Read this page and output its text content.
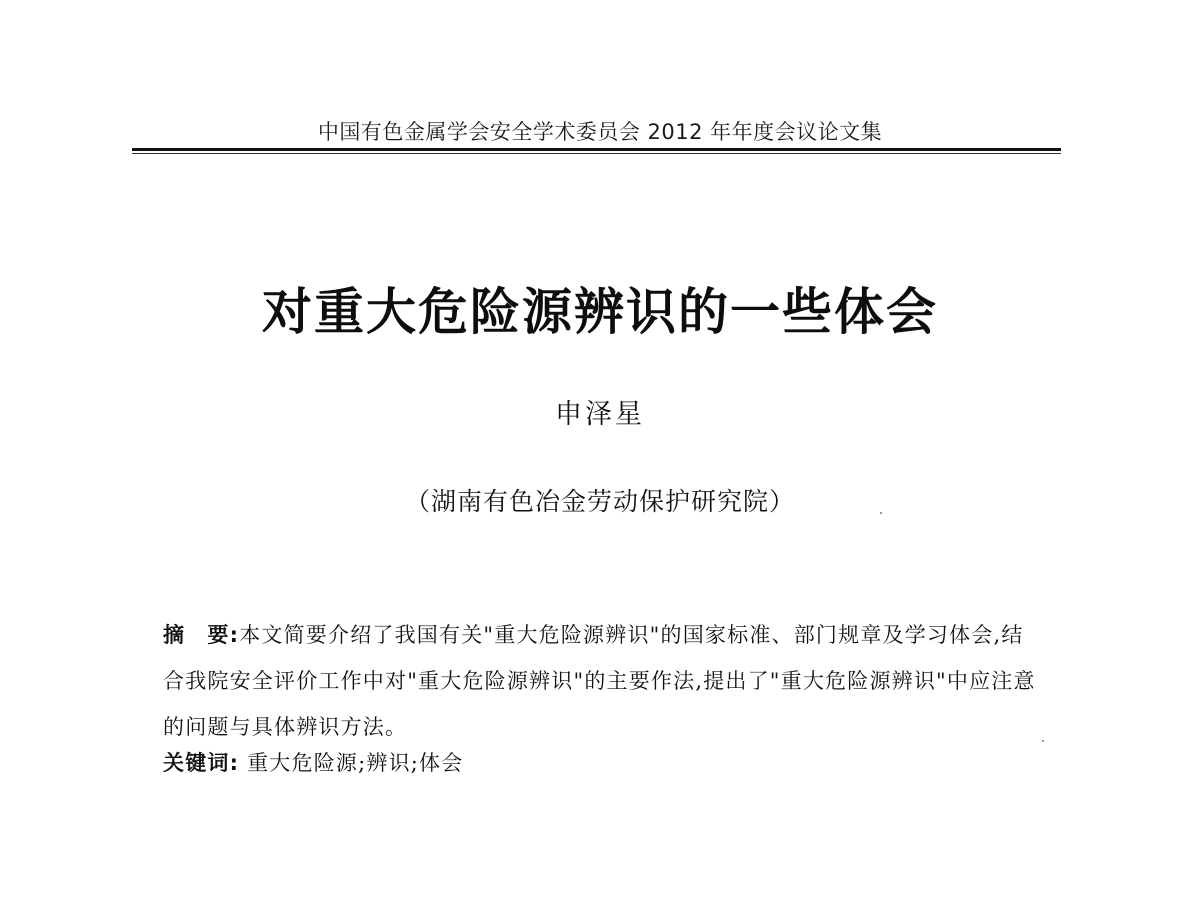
中国有色金属学会安全学术委员会 2012 年年度会议论文集
对重大危险源辨识的一些体会
申泽星
（湖南有色冶金劳动保护研究院）
摘　要:本文简要介绍了我国有关"重大危险源辨识"的国家标准、部门规章及学习体会,结合我院安全评价工作中对"重大危险源辨识"的主要作法,提出了"重大危险源辨识"中应注意的问题与具体辨识方法。
关键词: 重大危险源;辨识;体会
